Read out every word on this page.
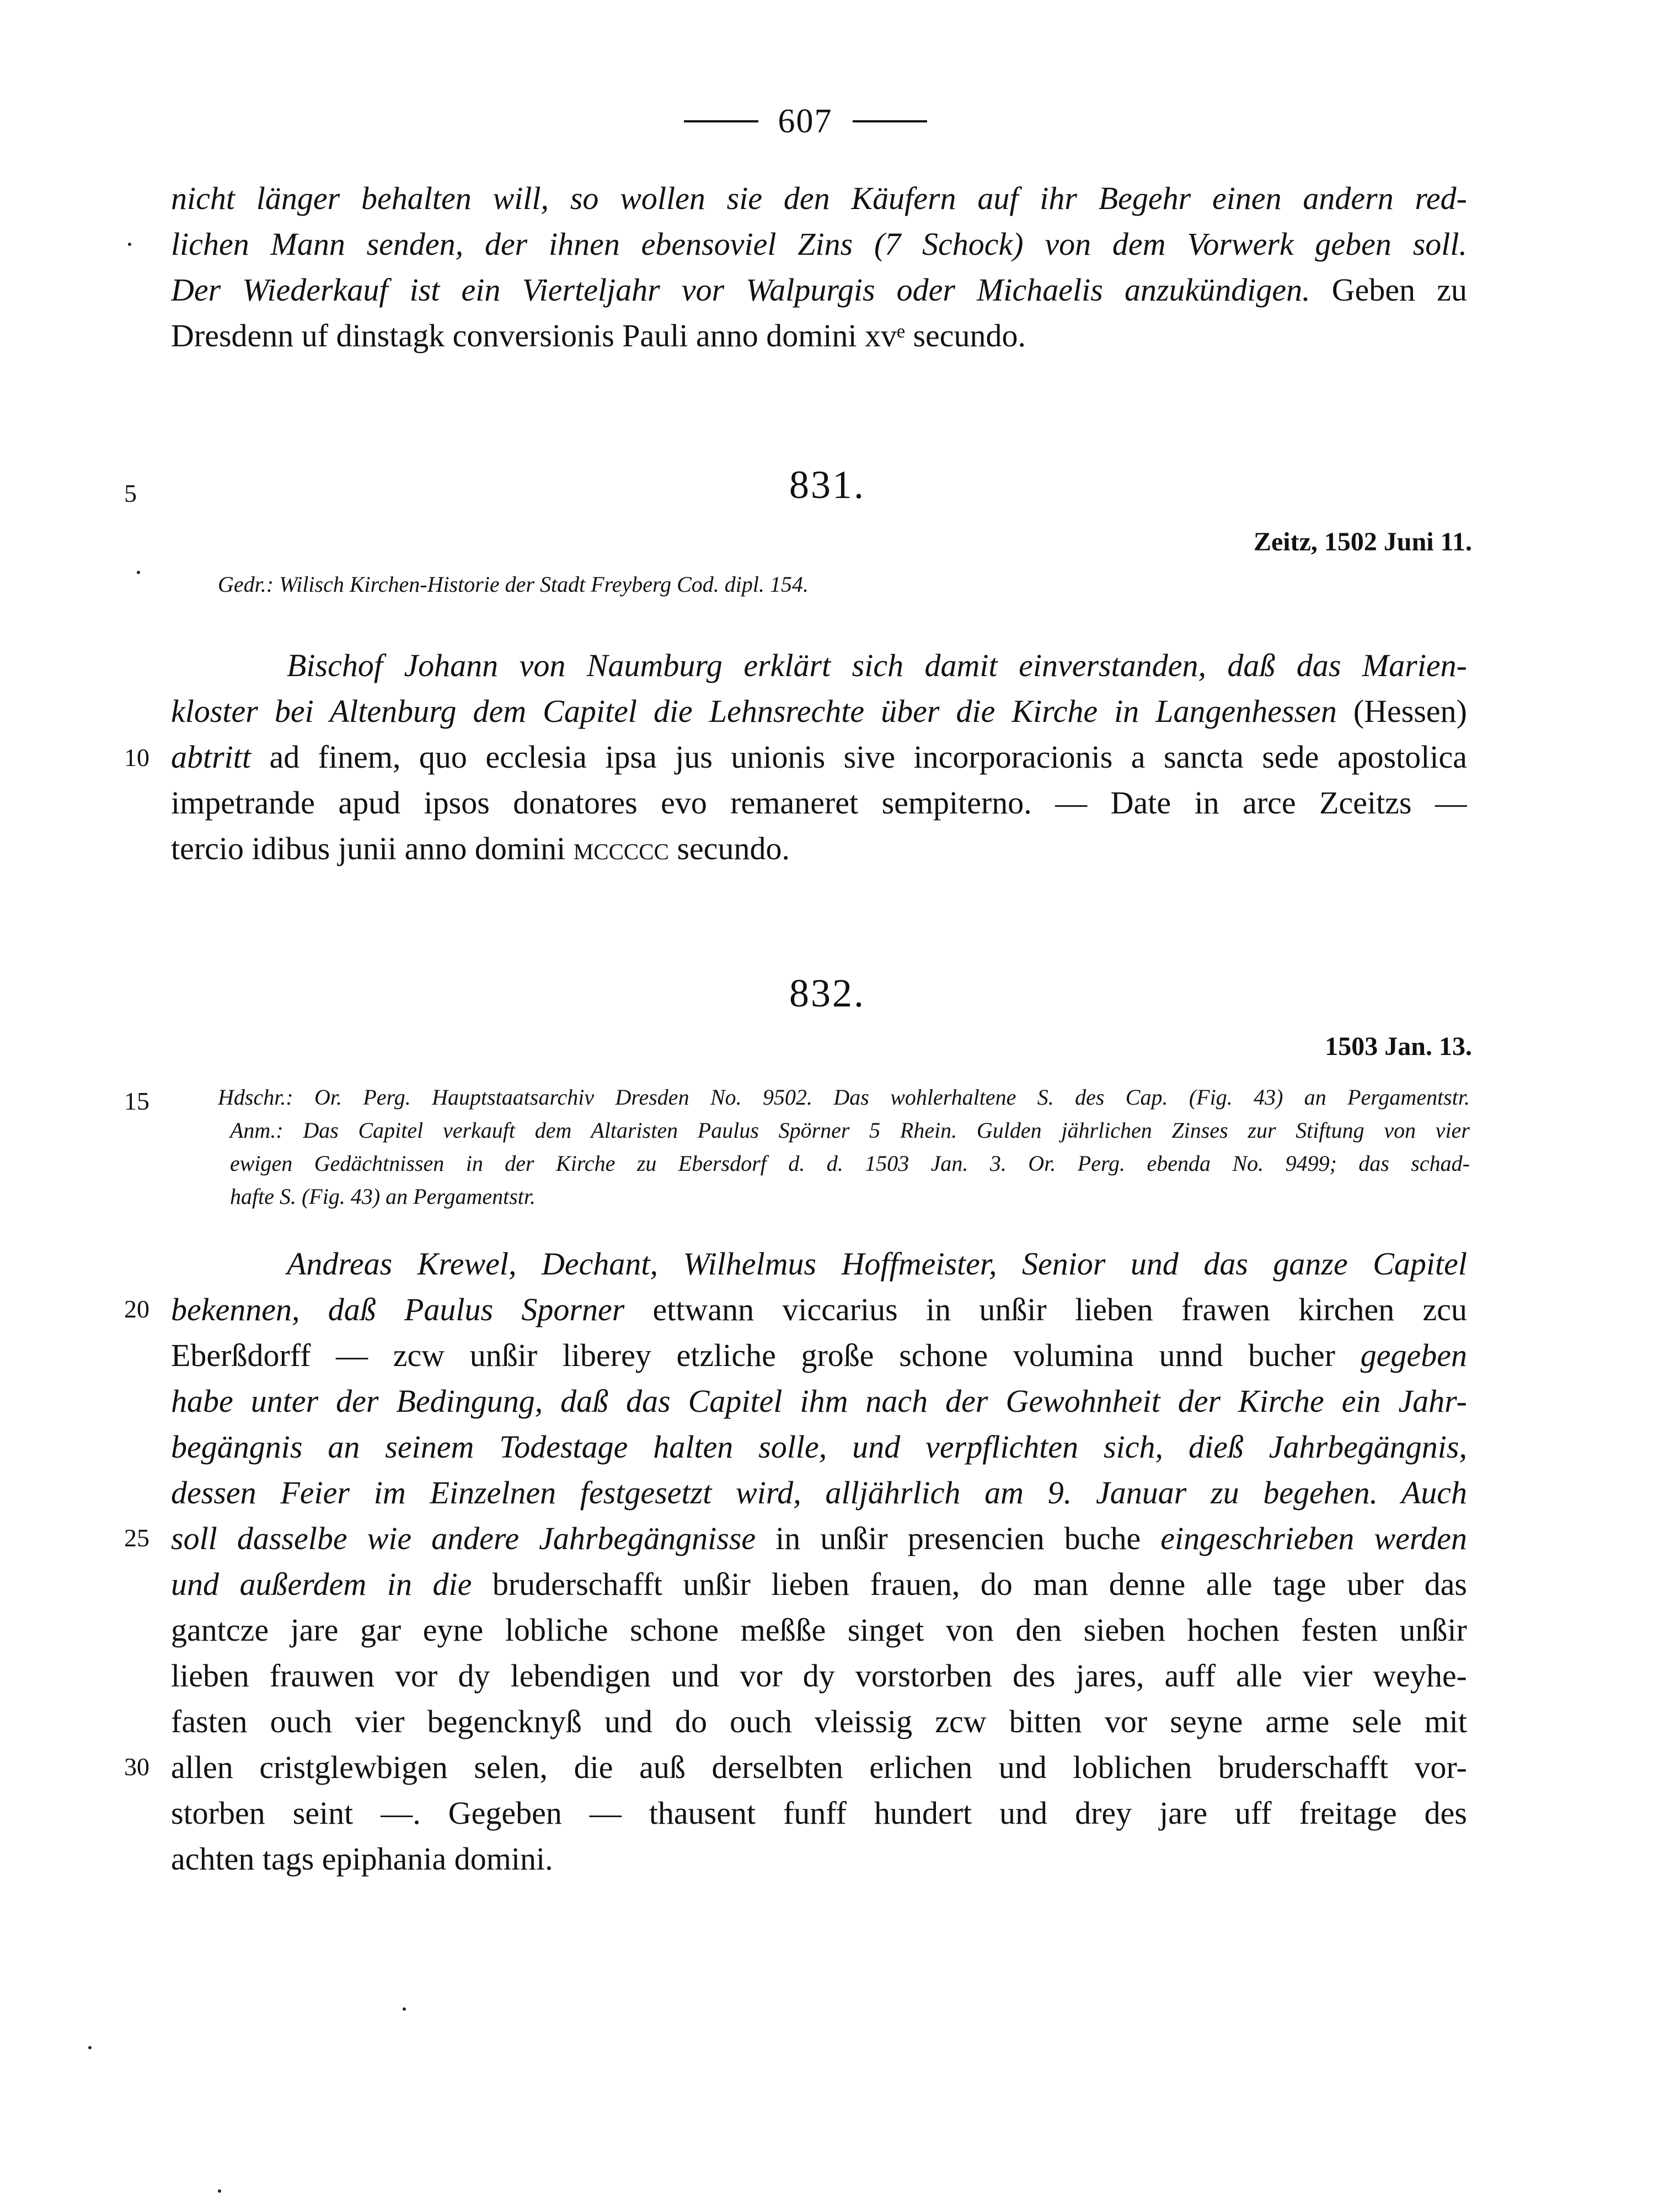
607
nicht länger behalten will, so wollen sie den Käufern auf ihr Begehr einen andern red-
lichen Mann senden, der ihnen ebensoviel Zins (7 Schock) von dem Vorwerk geben soll.
Der Wiederkauf ist ein Vierteljahr vor Walpurgis oder Michaelis anzukündigen. Geben zu
Dresdenn uf dinstagk conversionis Pauli anno domini xvᵉ secundo.
5	831.
Zeitz, 1502 Juni 11.
Gedr.: Wilisch Kirchen-Historie der Stadt Freyberg Cod. dipl. 154.
Bischof Johann von Naumburg erklärt sich damit einverstanden, daß das Marien-
kloster bei Altenburg dem Capitel die Lehnsrechte über die Kirche in Langenhessen (Hessen)
abtritt ad finem, quo ecclesia ipsa jus unionis sive incorporacionis a sancta sede apostolica
impetrande apud ipsos donatores evo remaneret sempiterno. — Date in arce Zceitzs —
tercio idibus junii anno domini mccccc secundo.
10
832.
1503 Jan. 13.
15	Hdschr.: Or. Perg. Hauptstaatsarchiv Dresden No. 9502. Das wohlerhaltene S. des Cap. (Fig. 43) an Pergamentstr.
Anm.: Das Capitel verkauft dem Altaristen Paulus Spörner 5 Rhein. Gulden jährlichen Zinses zur Stiftung von vier
ewigen Gedächtnissen in der Kirche zu Ebersdorf d. d. 1503 Jan. 3. Or. Perg. ebenda No. 9499; das schad-
hafte S. (Fig. 43) an Pergamentstr.
Andreas Krewel, Dechant, Wilhelmus Hoffmeister, Senior und das ganze Capitel
bekennen, daß Paulus Sporner ettwann viccarius in unßir lieben frawen kirchen zcu
Eberßdorff — zcw unßir liberey etzliche große schone volumina unnd bucher gegeben
habe unter der Bedingung, daß das Capitel ihm nach der Gewohnheit der Kirche ein Jahr-
begängnis an seinem Todestage halten solle, und verpflichten sich, dieß Jahrbegängnis,
dessen Feier im Einzelnen festgesetzt wird, alljährlich am 9. Januar zu begehen. Auch
soll dasselbe wie andere Jahrbegängnisse in unßir presencien buche eingeschrieben werden
und außerdem in die bruderschafft unßir lieben frauen, do man denne alle tage uber das
gantcze jare gar eyne lobliche schone meßße singet von den sieben hochen festen unßir
lieben frauwen vor dy lebendigen und vor dy vorstorben des jares, auff alle vier weyhe-
fasten ouch vier begencknyß und do ouch vleissig zcw bitten vor seyne arme sele mit
allen cristglewbigen selen, die auß derselbten erlichen und loblichen bruderschafft vor-
storben seint —. Gegeben — thausent funff hundert und drey jare uff freitage des
achten tags epiphania domini.
20
25
30
